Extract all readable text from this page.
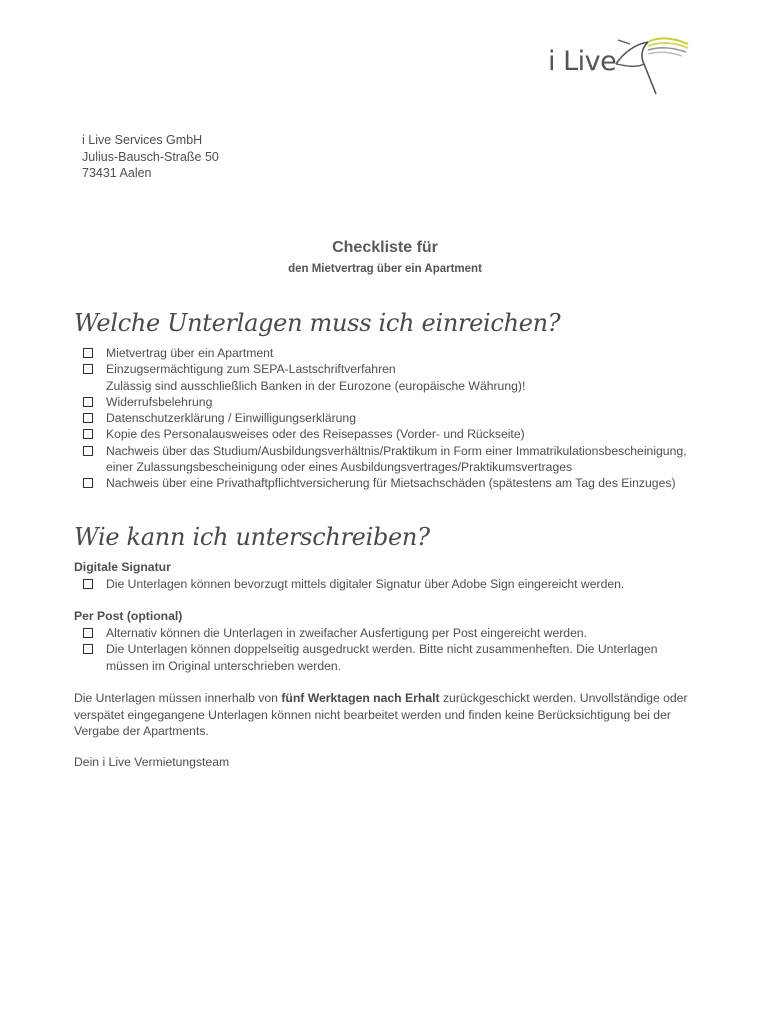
i Live
i Live Services GmbH
Julius-Bausch-Straße 50
73431 Aalen
Checkliste für
den Mietvertrag über ein Apartment
Welche Unterlagen muss ich einreichen?
Mietvertrag über ein Apartment
Einzugsermächtigung zum SEPA-Lastschriftverfahren
Zulässig sind ausschließlich Banken in der Eurozone (europäische Währung)!
Widerrufsbelehrung
Datenschutzerklärung / Einwilligungserklärung
Kopie des Personalausweises oder des Reisepasses (Vorder- und Rückseite)
Nachweis über das Studium/Ausbildungsverhältnis/Praktikum in Form einer Immatrikulationsbescheinigung, einer Zulassungsbescheinigung oder eines Ausbildungsvertrages/Praktikumsvertrages
Nachweis über eine Privathaftpflichtversicherung für Mietsachschäden (spätestens am Tag des Einzuges)
Wie kann ich unterschreiben?
Digitale Signatur
Die Unterlagen können bevorzugt mittels digitaler Signatur über Adobe Sign eingereicht werden.
Per Post (optional)
Alternativ können die Unterlagen in zweifacher Ausfertigung per Post eingereicht werden.
Die Unterlagen können doppelseitig ausgedruckt werden. Bitte nicht zusammenheften. Die Unterlagen müssen im Original unterschrieben werden.
Die Unterlagen müssen innerhalb von fünf Werktagen nach Erhalt zurückgeschickt werden. Unvollständige oder verspätet eingegangene Unterlagen können nicht bearbeitet werden und finden keine Berücksichtigung bei der Vergabe der Apartments.
Dein i Live Vermietungsteam
